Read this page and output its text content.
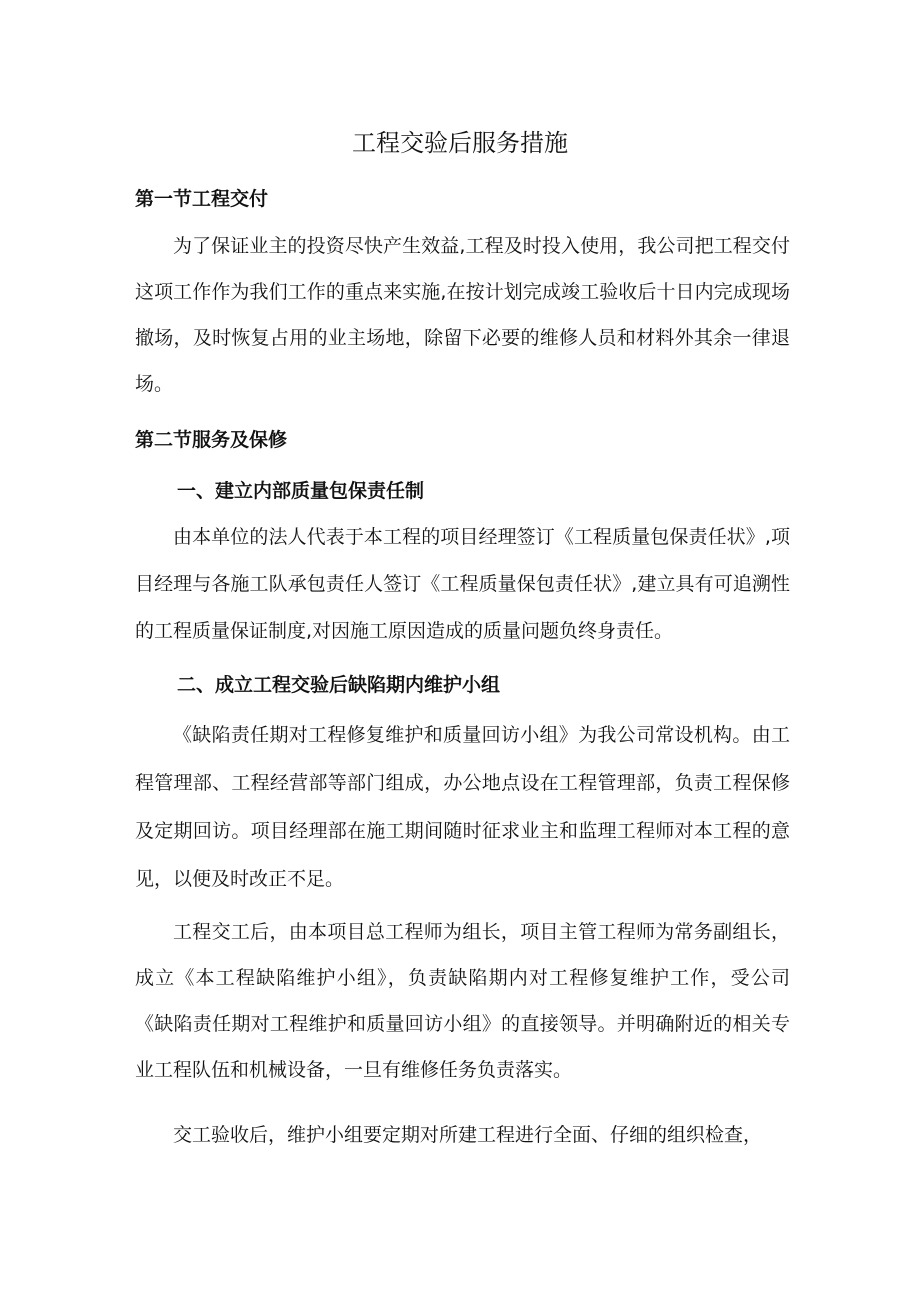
工程交验后服务措施
第一节工程交付

为了保证业主的投资尽快产生效益,工程及时投入使用，我公司把工程交付这项工作作为我们工作的重点来实施,在按计划完成竣工验收后十日内完成现场撤场，及时恢复占用的业主场地，除留下必要的维修人员和材料外其余一律退场。

第二节服务及保修
一、建立内部质量包保责任制

由本单位的法人代表于本工程的项目经理签订《工程质量包保责任状》,项目经理与各施工队承包责任人签订《工程质量保包责任状》,建立具有可追溯性的工程质量保证制度,对因施工原因造成的质量问题负终身责任。

二、成立工程交验后缺陷期内维护小组

《缺陷责任期对工程修复维护和质量回访小组》为我公司常设机构。由工程管理部、工程经营部等部门组成，办公地点设在工程管理部，负责工程保修及定期回访。项目经理部在施工期间随时征求业主和监理工程师对本工程的意见，以便及时改正不足。

工程交工后，由本项目总工程师为组长，项目主管工程师为常务副组长，成立《本工程缺陷维护小组》，负责缺陷期内对工程修复维护工作，受公司《缺陷责任期对工程维护和质量回访小组》的直接领导。并明确附近的相关专业工程队伍和机械设备，一旦有维修任务负责落实。

交工验收后，维护小组要定期对所建工程进行全面、仔细的组织检查，
